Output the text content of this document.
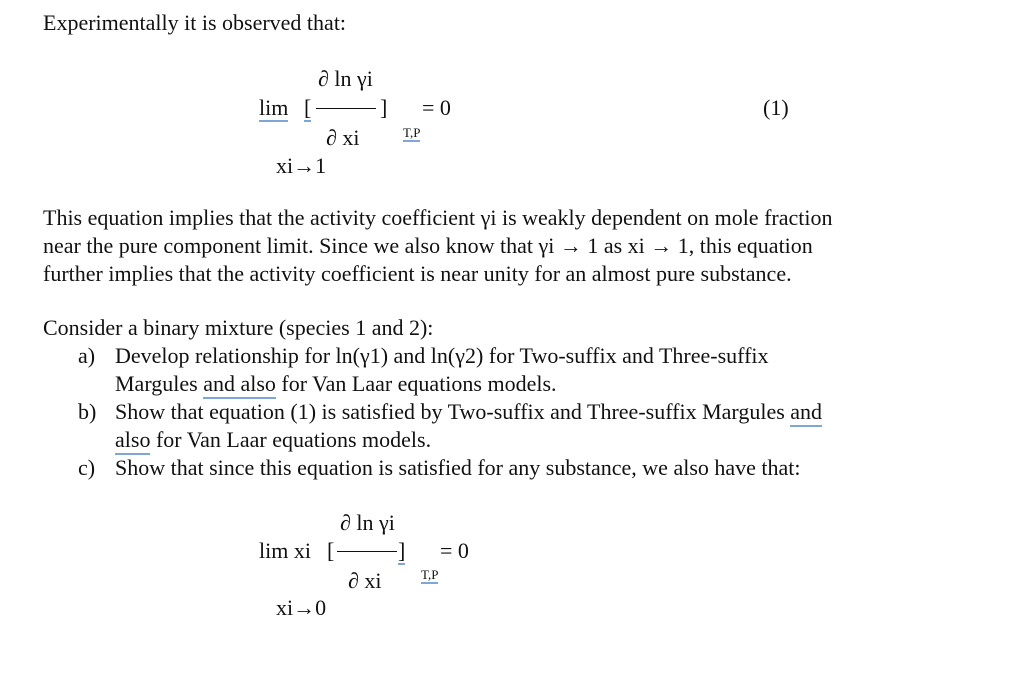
Experimentally it is observed that:
∂ ln γi
lim [	] = 0
∂ xi	T,P
xi→1
(1)
This equation implies that the activity coefficient γi is weakly dependent on mole fraction
near the pure component limit. Since we also know that γi → 1 as xi → 1, this equation
further implies that the activity coefficient is near unity for an almost pure substance.
Consider a binary mixture (species 1 and 2):
a) Develop relationship for ln(γ1) and ln(γ2) for Two-suffix and Three-suffix
Margules and also for Van Laar equations models.
b) Show that equation (1) is satisfied by Two-suffix and Three-suffix Margules and
also for Van Laar equations models.
c) Show that since this equation is satisfied for any substance, we also have that:
∂ ln γi
lim xi [	] = 0
∂ xi	T,P
xi→0
